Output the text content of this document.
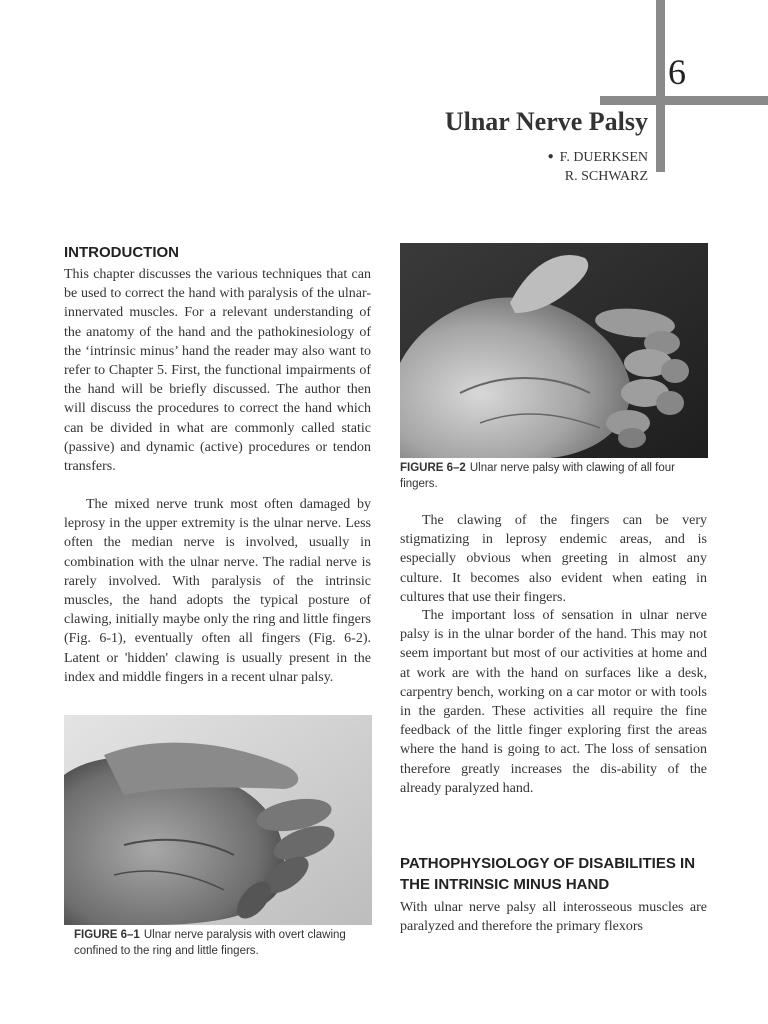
6
Ulnar Nerve Palsy
● F. DUERKSEN
R. SCHWARZ
INTRODUCTION

This chapter discusses the various techniques that can be used to correct the hand with paralysis of the ulnar-innervated muscles. For a relevant understanding of the anatomy of the hand and the pathokinesiology of the ‘intrinsic minus’ hand the reader may also want to refer to Chapter 5. First, the functional impairments of the hand will be briefly discussed. The author then will discuss the procedures to correct the hand which can be divided in what are commonly called static (passive) and dynamic (active) procedures or tendon transfers.

The mixed nerve trunk most often damaged by leprosy in the upper extremity is the ulnar nerve. Less often the median nerve is involved, usually in combination with the ulnar nerve. The radial nerve is rarely involved. With paralysis of the intrinsic muscles, the hand adopts the typical posture of clawing, initially maybe only the ring and little fingers (Fig. 6-1), eventually often all fingers (Fig. 6-2). Latent or 'hidden' clawing is usually present in the index and middle fingers in a recent ulnar palsy.

FIGURE 6–1 Ulnar nerve paralysis with overt clawing confined to the ring and little fingers.
FIGURE 6–2 Ulnar nerve palsy with clawing of all four fingers.

The clawing of the fingers can be very stigmatizing in leprosy endemic areas, and is especially obvious when greeting in almost any culture. It becomes also evident when eating in cultures that use their fingers.

The important loss of sensation in ulnar nerve palsy is in the ulnar border of the hand. This may not seem important but most of our activities at home and at work are with the hand on surfaces like a desk, carpentry bench, working on a car motor or with tools in the garden. These activities all require the fine feedback of the little finger exploring first the areas where the hand is going to act. The loss of sensation therefore greatly increases the dis-ability of the already paralyzed hand.

PATHOPHYSIOLOGY OF DISABILITIES IN THE INTRINSIC MINUS HAND

With ulnar nerve palsy all interosseous muscles are paralyzed and therefore the primary flexors
